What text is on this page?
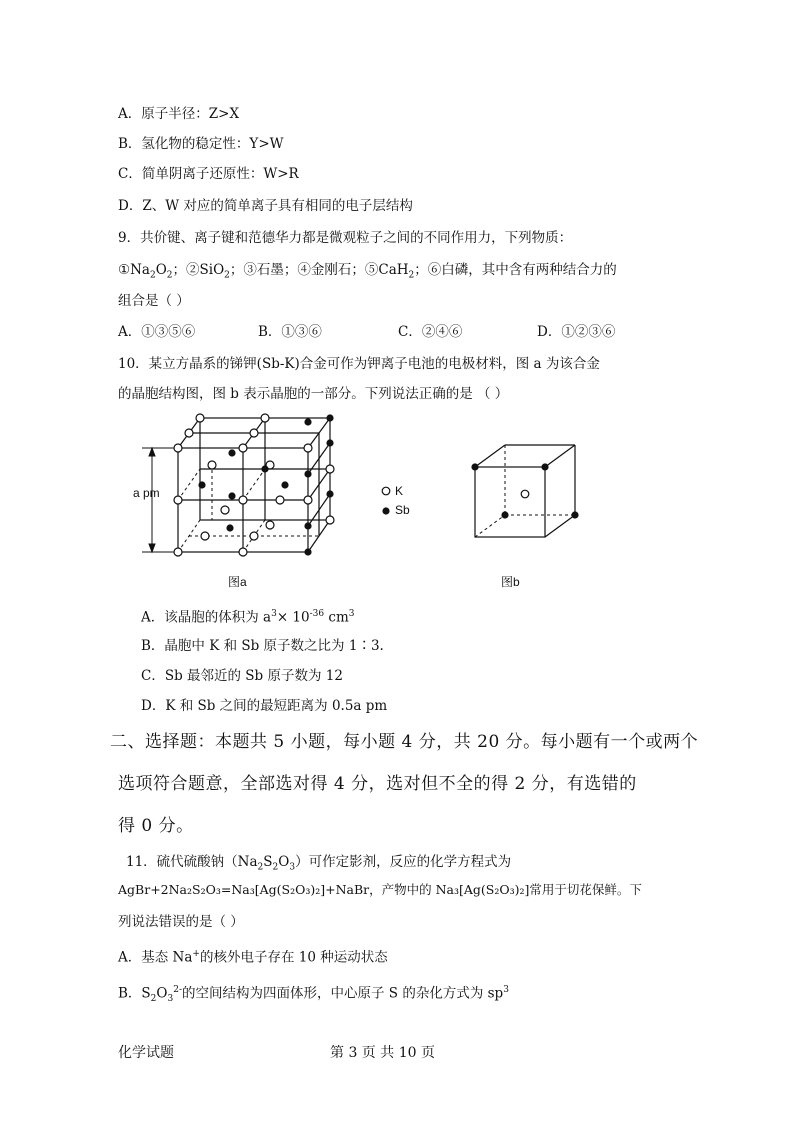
A．原子半径：Z>X
B．氢化物的稳定性：Y>W
C．简单阴离子还原性：W>R
D．Z、W 对应的简单离子具有相同的电子层结构
9．共价键、离子键和范德华力都是微观粒子之间的不同作用力，下列物质：
$①Na_2O_2$；②SiO$_2$；③石墨；④金刚石；⑤CaH$_2$；⑥白磷，其中含有两种结合力的
组合是（ ）
A．①③⑤⑥	B．①③⑥	C．②④⑥	D．①②③⑥
10．某立方晶系的锑钾(Sb-K)合金可作为钾离子电池的电极材料，图 a 为该合金
的晶胞结构图，图 b 表示晶胞的一部分。下列说法正确的是 （ ）
a pm
图a
K
Sb
图b
A．该晶胞的体积为 $a^3\times 10^{-36}$ $cm^3$
B．晶胞中 K 和 Sb 原子数之比为 1∶3.
C．Sb 最邻近的 Sb 原子数为 12
D．K 和 Sb 之间的最短距离为 0.5a pm
二、选择题：本题共 5 小题，每小题 4 分，共 20 分。每小题有一个或两个
选项符合题意，全部选对得 4 分，选对但不全的得 2 分，有选错的
得 0 分。
11．硫代硫酸钠$(Na_2S_2O_3)$可作定影剂，反应的化学方程式为
AgBr+2Na₂S₂O₃=Na₃[Ag(S₂O₃)₂]+NaBr，产物中的 Na₃[Ag(S₂O₃)₂]常用于切花保鲜。下
列说法错误的是（ ）
A．基态 Na+的核外电子存在 10 种运动状态
B．$S_2O_3^{2-}$的空间结构为四面体形，中心原子 S 的杂化方式为 $sp^3$
化学试题	第 3 页 共 10 页
